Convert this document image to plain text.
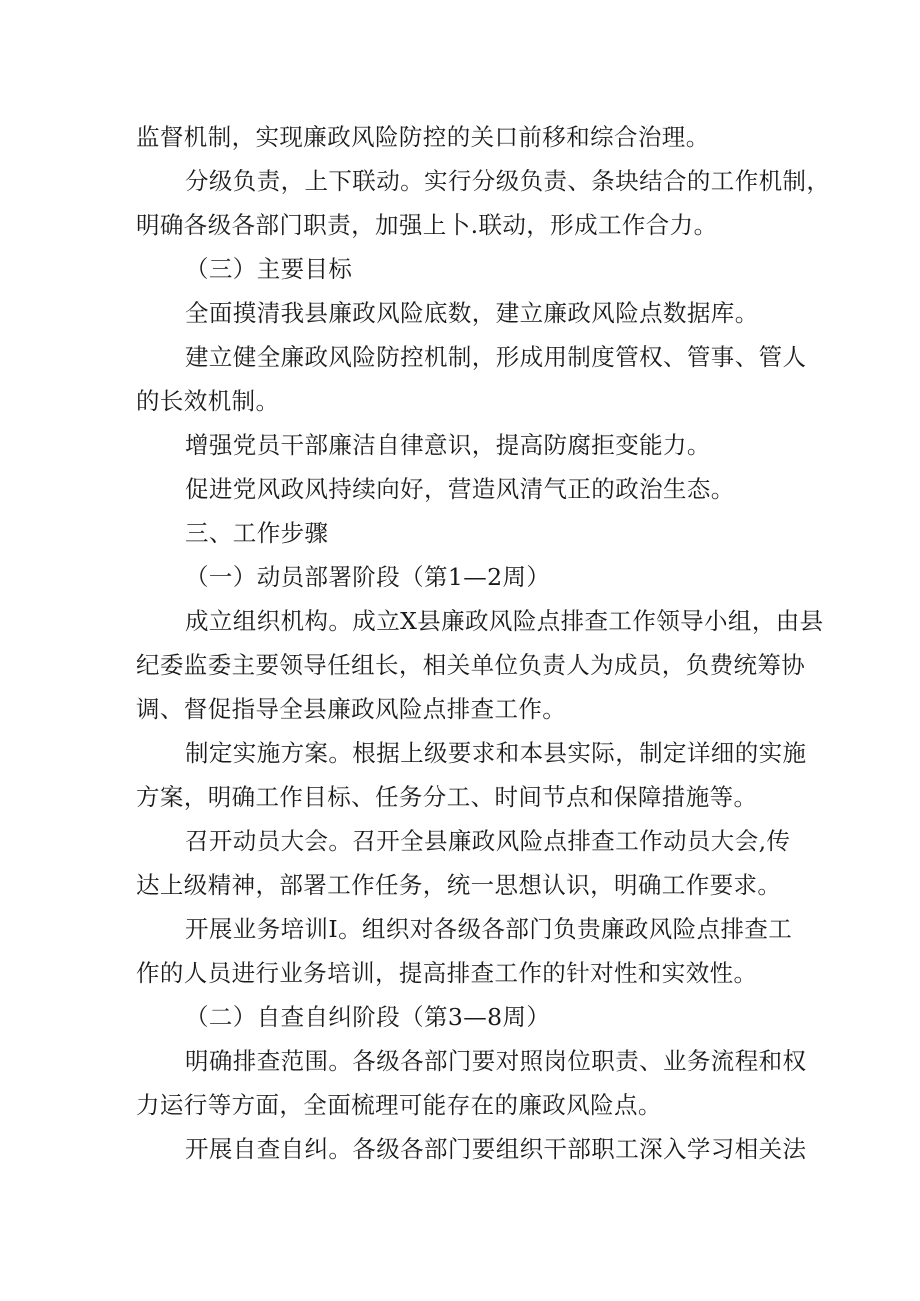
监督机制，实现廉政风险防控的关口前移和综合治理。
分级负责，上下联动。实行分级负责、条块结合的工作机制，
明确各级各部门职责，加强上卜.联动，形成工作合力。
（三）主要目标
全面摸清我县廉政风险底数，建立廉政风险点数据库。
建立健全廉政风险防控机制，形成用制度管权、管事、管人
的长效机制。
增强党员干部廉洁自律意识，提高防腐拒变能力。
促进党风政风持续向好，营造风清气正的政治生态。
三、工作步骤
（一）动员部署阶段（第1—2周）
成立组织机构。成立X县廉政风险点排查工作领导小组，由县
纪委监委主要领导任组长，相关单位负责人为成员，负费统筹协
调、督促指导全县廉政风险点排查工作。
制定实施方案。根据上级要求和本县实际，制定详细的实施
方案，明确工作目标、任务分工、时间节点和保障措施等。
召开动员大会。召开全县廉政风险点排查工作动员大会,传
达上级精神，部署工作任务，统一思想认识，明确工作要求。
开展业务培训I。组织对各级各部门负贵廉政风险点排查工
作的人员进行业务培训，提高排查工作的针对性和实效性。
（二）自查自纠阶段（第3—8周）
明确排查范围。各级各部门要对照岗位职责、业务流程和权
力运行等方面，全面梳理可能存在的廉政风险点。
开展自查自纠。各级各部门要组织干部职工深入学习相关法
